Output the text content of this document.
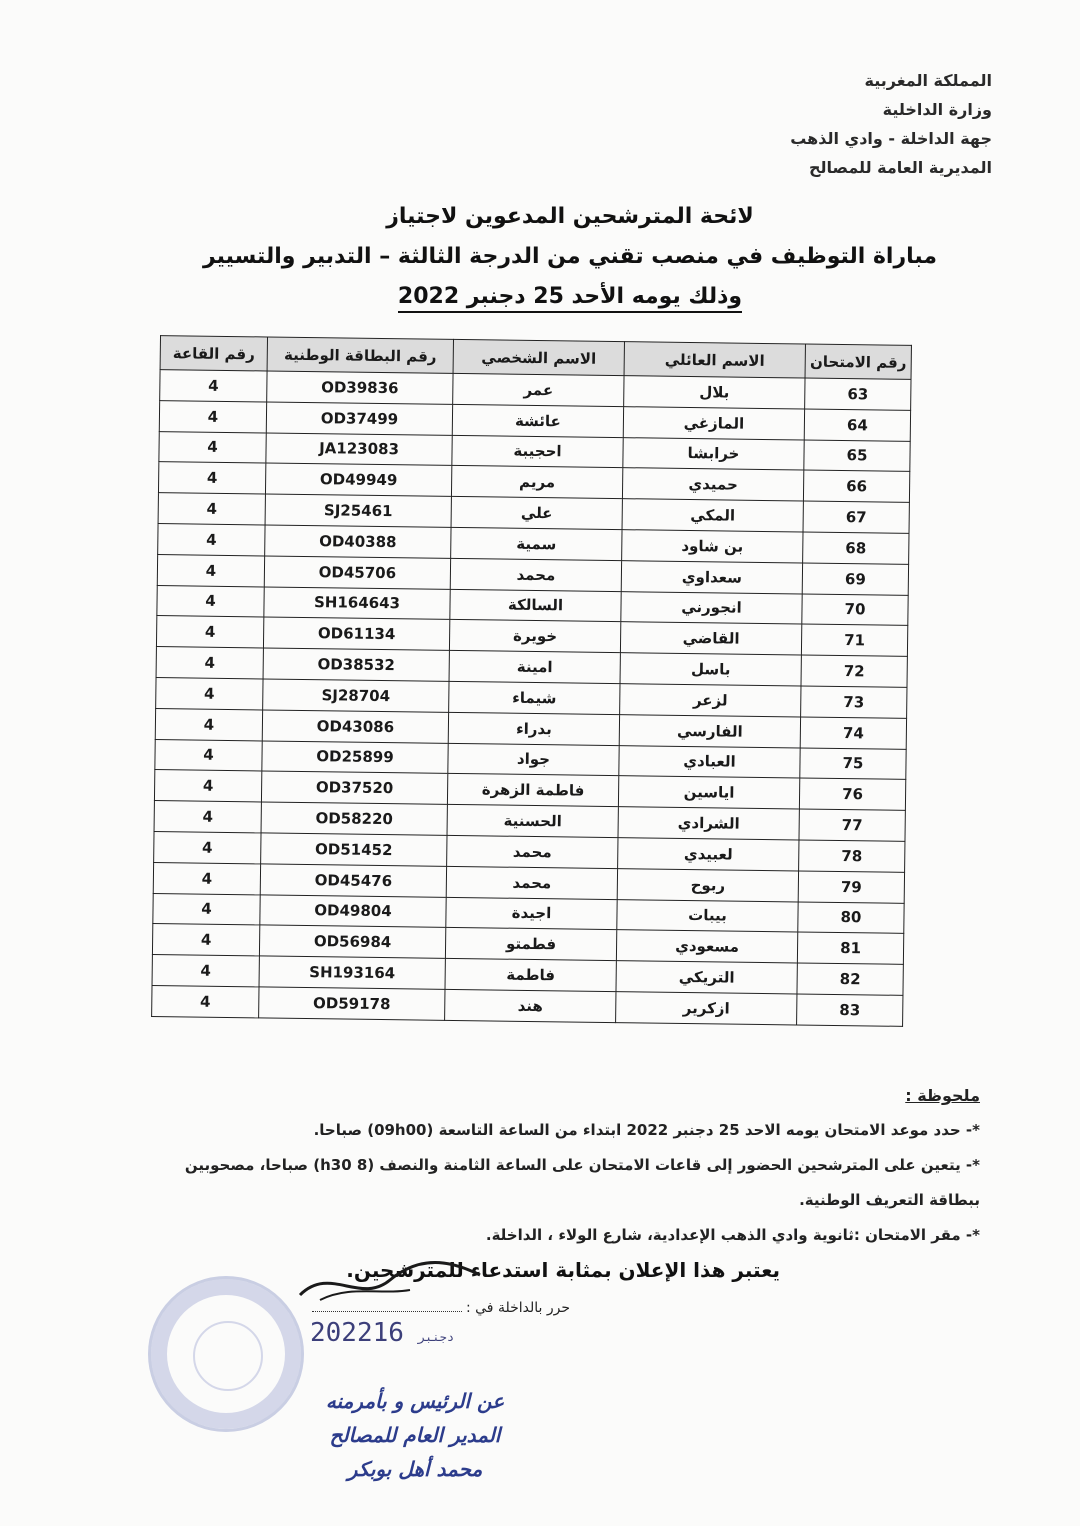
المملكة المغربية
وزارة الداخلية
جهة الداخلة - وادي الذهب
المديرية العامة للمصالح
لائحة المترشحين المدعوين لاجتياز
مباراة التوظيف في منصب تقني من الدرجة الثالثة – التدبير والتسيير
وذلك يومه الأحد 25 دجنبر 2022
رقم الامتحان	الاسم العائلي	الاسم الشخصي	رقم البطاقة الوطنية	رقم القاعة
63	بلال	عمر	OD39836	4
64	المازغي	عائشة	OD37499	4
65	خرابشا	احجيبة	JA123083	4
66	حميدي	مريم	OD49949	4
67	المكي	علي	SJ25461	4
68	بن شاود	سمية	OD40388	4
69	سعداوي	محمد	OD45706	4
70	انجورني	السالكة	SH164643	4
71	القاضي	خويرة	OD61134	4
72	باسل	امينة	OD38532	4
73	لزعر	شيماء	SJ28704	4
74	الفارسي	بدراء	OD43086	4
75	العبادي	جواد	OD25899	4
76	اياسين	فاطمة الزهرة	OD37520	4
77	الشرادي	الحسنية	OD58220	4
78	لعبيدي	محمد	OD51452	4
79	ربوح	محمد	OD45476	4
80	بيبات	اجيدة	OD49804	4
81	مسعودي	فطمتو	OD56984	4
82	التريكي	فاطمة	SH193164	4
83	ازكرير	هند	OD59178	4
ملحوظة :

*- حدد موعد الامتحان يومه الاحد 25 دجنبر 2022 ابتداء من الساعة التاسعة (09h00) صباحا.

*- يتعين على المترشحين الحضور إلى قاعات الامتحان على الساعة الثامنة والنصف (8 h30) صباحا، مصحوبين

ببطاقة التعريف الوطنية.

*- مقر الامتحان :ثانوية وادي الذهب الإعدادية، شارع الولاء ، الداخلة.

يعتبر هذا الإعلان بمثابة استدعاء للمترشحين.
حرر بالداخلة في :
2022	دجنبر16
عن الرئيس و بأمرمنه
المدير العام للمصالح
محمد أهل بوبكر
